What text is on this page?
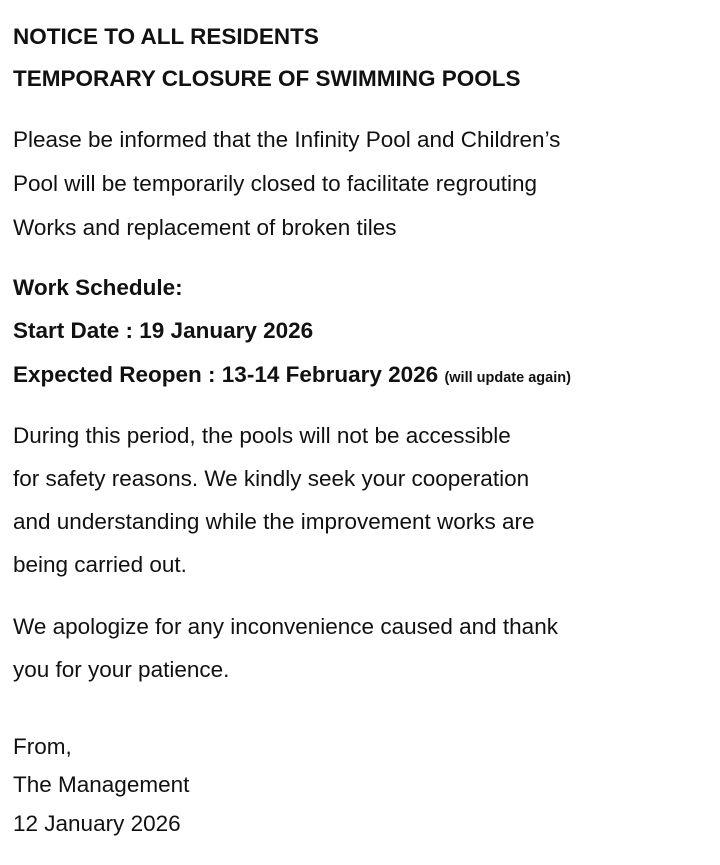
NOTICE TO ALL RESIDENTS
TEMPORARY CLOSURE OF SWIMMING POOLS
Please be informed that the Infinity Pool and Children’s
Pool will be temporarily closed to facilitate regrouting
Works and replacement of broken tiles
Work Schedule:
Start Date : 19 January 2026
Expected Reopen : 13-14 February 2026 (will update again)
During this period, the pools will not be accessible
for safety reasons. We kindly seek your cooperation
and understanding while the improvement works are
being carried out.
We apologize for any inconvenience caused and thank
you for your patience.
From,
The Management
12 January 2026
